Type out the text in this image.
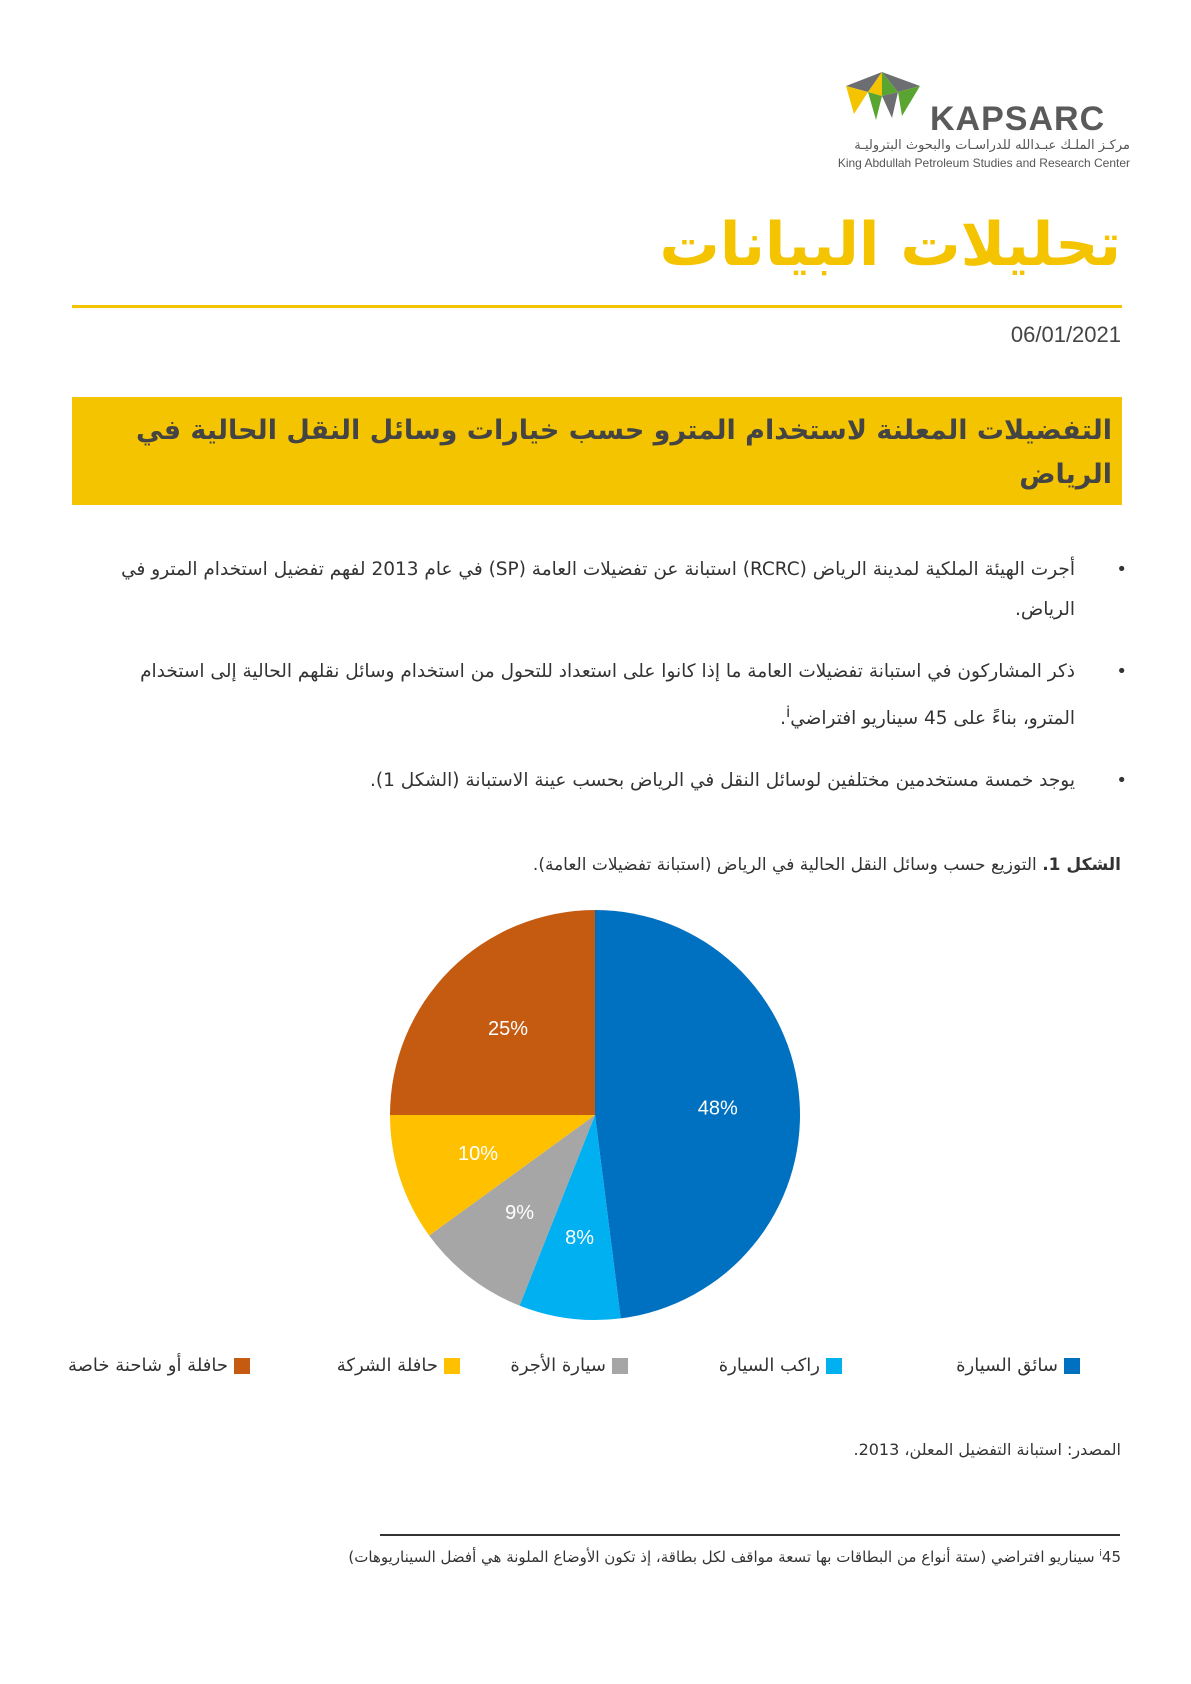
KAPSARC
مركـز الملـك عبـدالله للدراسـات والبحوث البتروليـة
King Abdullah Petroleum Studies and Research Center
تحليلات البيانات
06/01/2021
التفضيلات المعلنة لاستخدام المترو حسب خيارات وسائل النقل الحالية في الرياض
•
أجرت الهيئة الملكية لمدينة الرياض (RCRC) استبانة عن تفضيلات العامة (SP) في عام 2013 لفهم تفضيل استخدام المترو في الرياض.
•
ذكر المشاركون في استبانة تفضيلات العامة ما إذا كانوا على استعداد للتحول من استخدام وسائل نقلهم الحالية إلى استخدام المترو، بناءً على 45 سيناريو افتراضي$^i$.
•
يوجد خمسة مستخدمين مختلفين لوسائل النقل في الرياض بحسب عينة الاستبانة (الشكل 1).
الشكل 1. التوزيع حسب وسائل النقل الحالية في الرياض (استبانة تفضيلات العامة).
48%
8%
9%
10%
25%
سائق السيارة
راكب السيارة
سيارة الأجرة
حافلة الشركة
حافلة أو شاحنة خاصة
المصدر: استبانة التفضيل المعلن، 2013.
$^i$45 سيناريو افتراضي (ستة أنواع من البطاقات بها تسعة مواقف لكل بطاقة، إذ تكون الأوضاع الملونة هي أفضل السيناريوهات)
